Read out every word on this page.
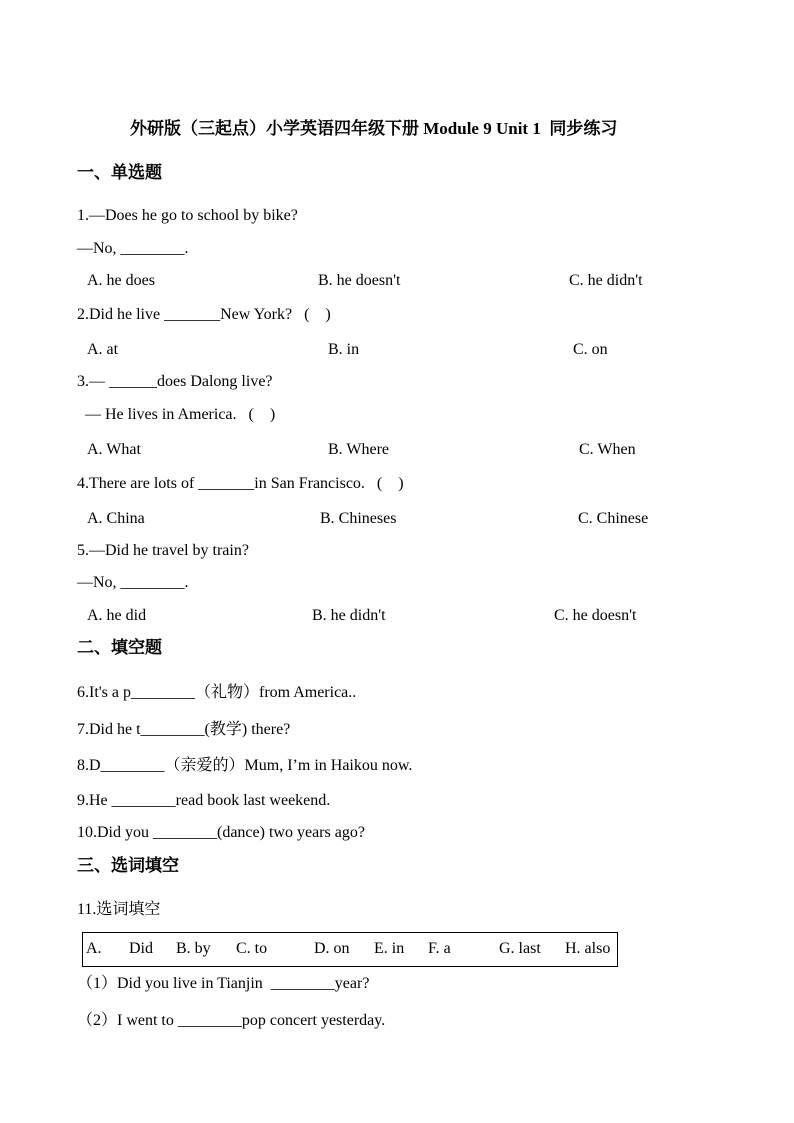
外研版（三起点）小学英语四年级下册 Module 9 Unit 1  同步练习
一、单选题
1.—Does he go to school by bike?
—No, ________.
A. he does	B. he doesn't	C. he didn't
2.Did he live _______New York?   (    )
A. at	B. in	C. on
3.— ______does Dalong live?
— He lives in America.   (    )
A. What	B. Where	C. When
4.There are lots of _______in San Francisco.   (    )
A. China	B. Chineses	C. Chinese
5.—Did he travel by train?
—No, ________.
A. he did	B. he didn't	C. he doesn't
二、填空题
6.It's a p________（礼物）from America..
7.Did he t________(教学) there?
8.D________（亲爱的）Mum, I’m in Haikou now.
9.He ________read book last weekend.
10.Did you ________(dance) two years ago?
三、选词填空
11.选词填空
A. Did B. by C. to	D. on E. in F. a	G. last H. also
（1）Did you live in Tianjin  ________year?
（2）I went to ________pop concert yesterday.
